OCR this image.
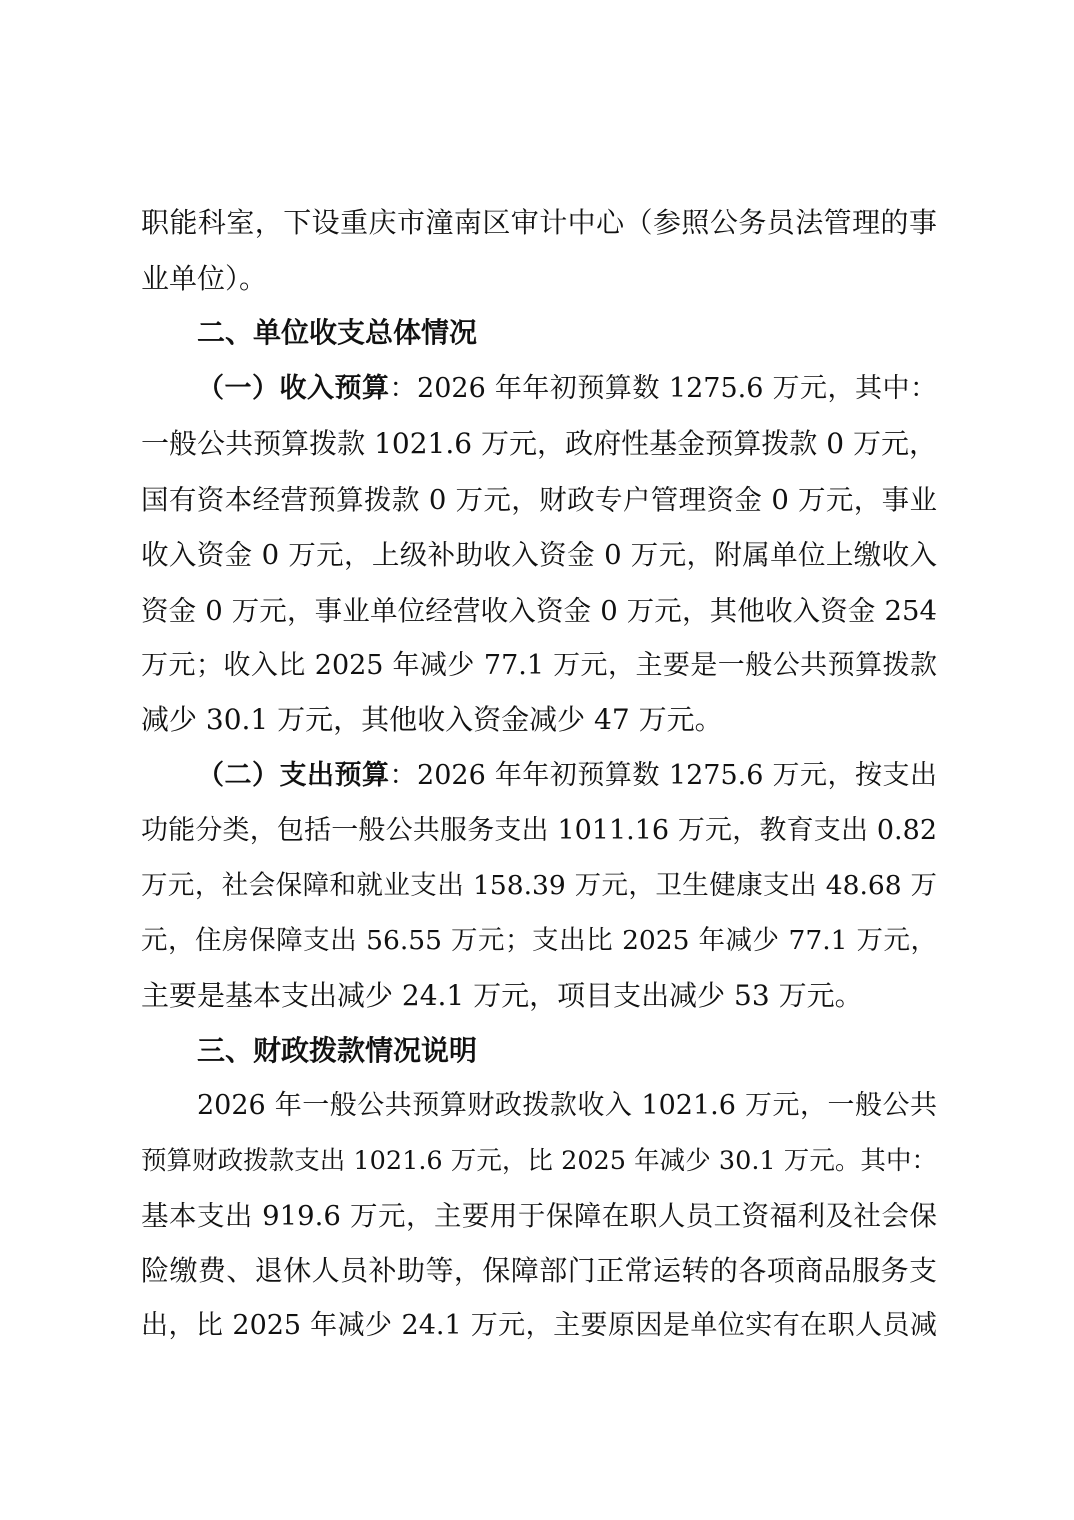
职能科室，下设重庆市潼南区审计中心（参照公务员法管理的事
业单位）。
二、单位收支总体情况
（一）收入预算：2026 年年初预算数 1275.6 万元，其中：
一般公共预算拨款 1021.6 万元，政府性基金预算拨款 0 万元，
国有资本经营预算拨款 0 万元，财政专户管理资金 0 万元，事业
收入资金 0 万元，上级补助收入资金 0 万元，附属单位上缴收入
资金 0 万元，事业单位经营收入资金 0 万元，其他收入资金 254
万元；收入比 2025 年减少 77.1 万元，主要是一般公共预算拨款
减少 30.1 万元，其他收入资金减少 47 万元。
（二）支出预算：2026 年年初预算数 1275.6 万元，按支出
功能分类，包括一般公共服务支出 1011.16 万元，教育支出 0.82
万元，社会保障和就业支出 158.39 万元，卫生健康支出 48.68 万
元，住房保障支出 56.55 万元；支出比 2025 年减少 77.1 万元，
主要是基本支出减少 24.1 万元，项目支出减少 53 万元。
三、财政拨款情况说明
2026 年一般公共预算财政拨款收入 1021.6 万元，一般公共
预算财政拨款支出 1021.6 万元，比 2025 年减少 30.1 万元。其中：
基本支出 919.6 万元，主要用于保障在职人员工资福利及社会保
险缴费、退休人员补助等，保障部门正常运转的各项商品服务支
出，比 2025 年减少 24.1 万元，主要原因是单位实有在职人员减
